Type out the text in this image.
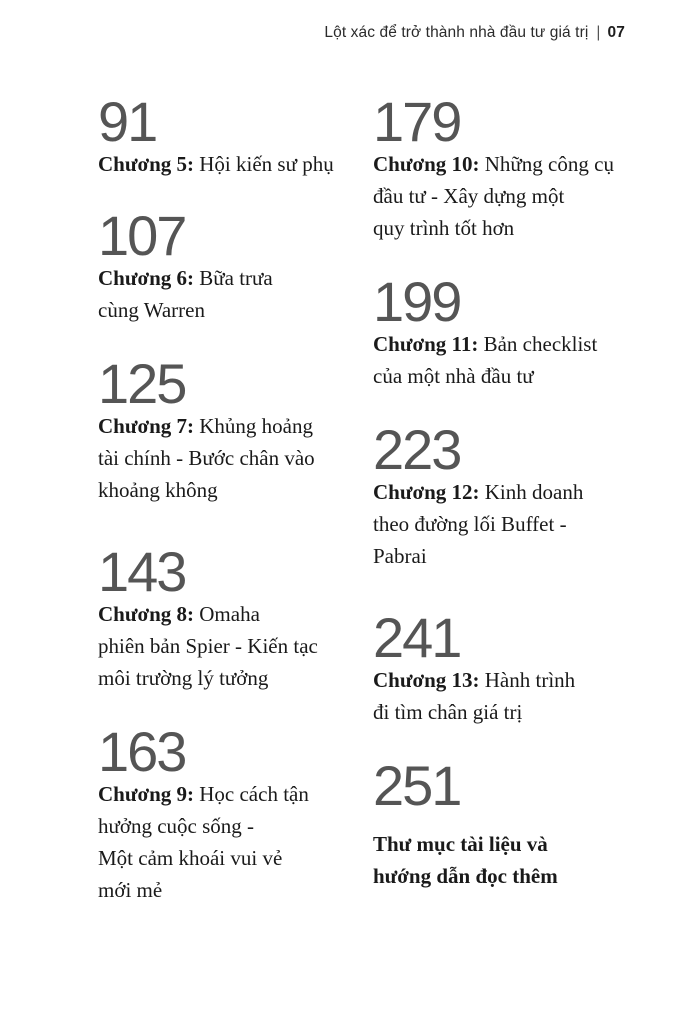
Lột xác để trở thành nhà đầu tư giá trị | 07
91
Chương 5: Hội kiến sư phụ
107
Chương 6: Bữa trưa
cùng Warren
125
Chương 7: Khủng hoảng
tài chính - Bước chân vào
khoảng không
143
Chương 8: Omaha
phiên bản Spier - Kiến tạc
môi trường lý tưởng
163
Chương 9: Học cách tận
hưởng cuộc sống -
Một cảm khoái vui vẻ
mới mẻ
179
Chương 10: Những công cụ
đầu tư - Xây dựng một
quy trình tốt hơn
199
Chương 11: Bản checklist
của một nhà đầu tư
223
Chương 12: Kinh doanh
theo đường lối Buffet -
Pabrai
241
Chương 13: Hành trình
đi tìm chân giá trị
251
Thư mục tài liệu và
hướng dẫn đọc thêm
